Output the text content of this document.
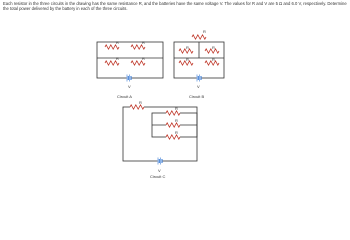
Each resistor in the three circuits in the drawing has the same resistance R, and the batteries have the same voltage V. The values for R and V are 5 Ω and 6.0 V, respectively. Determine the total power delivered by the battery in each of the three circuits.
R	R
R	R
V
Circuit A
R
R	R
R	R
V
Circuit B
R
R
R
R
V
Circuit C
